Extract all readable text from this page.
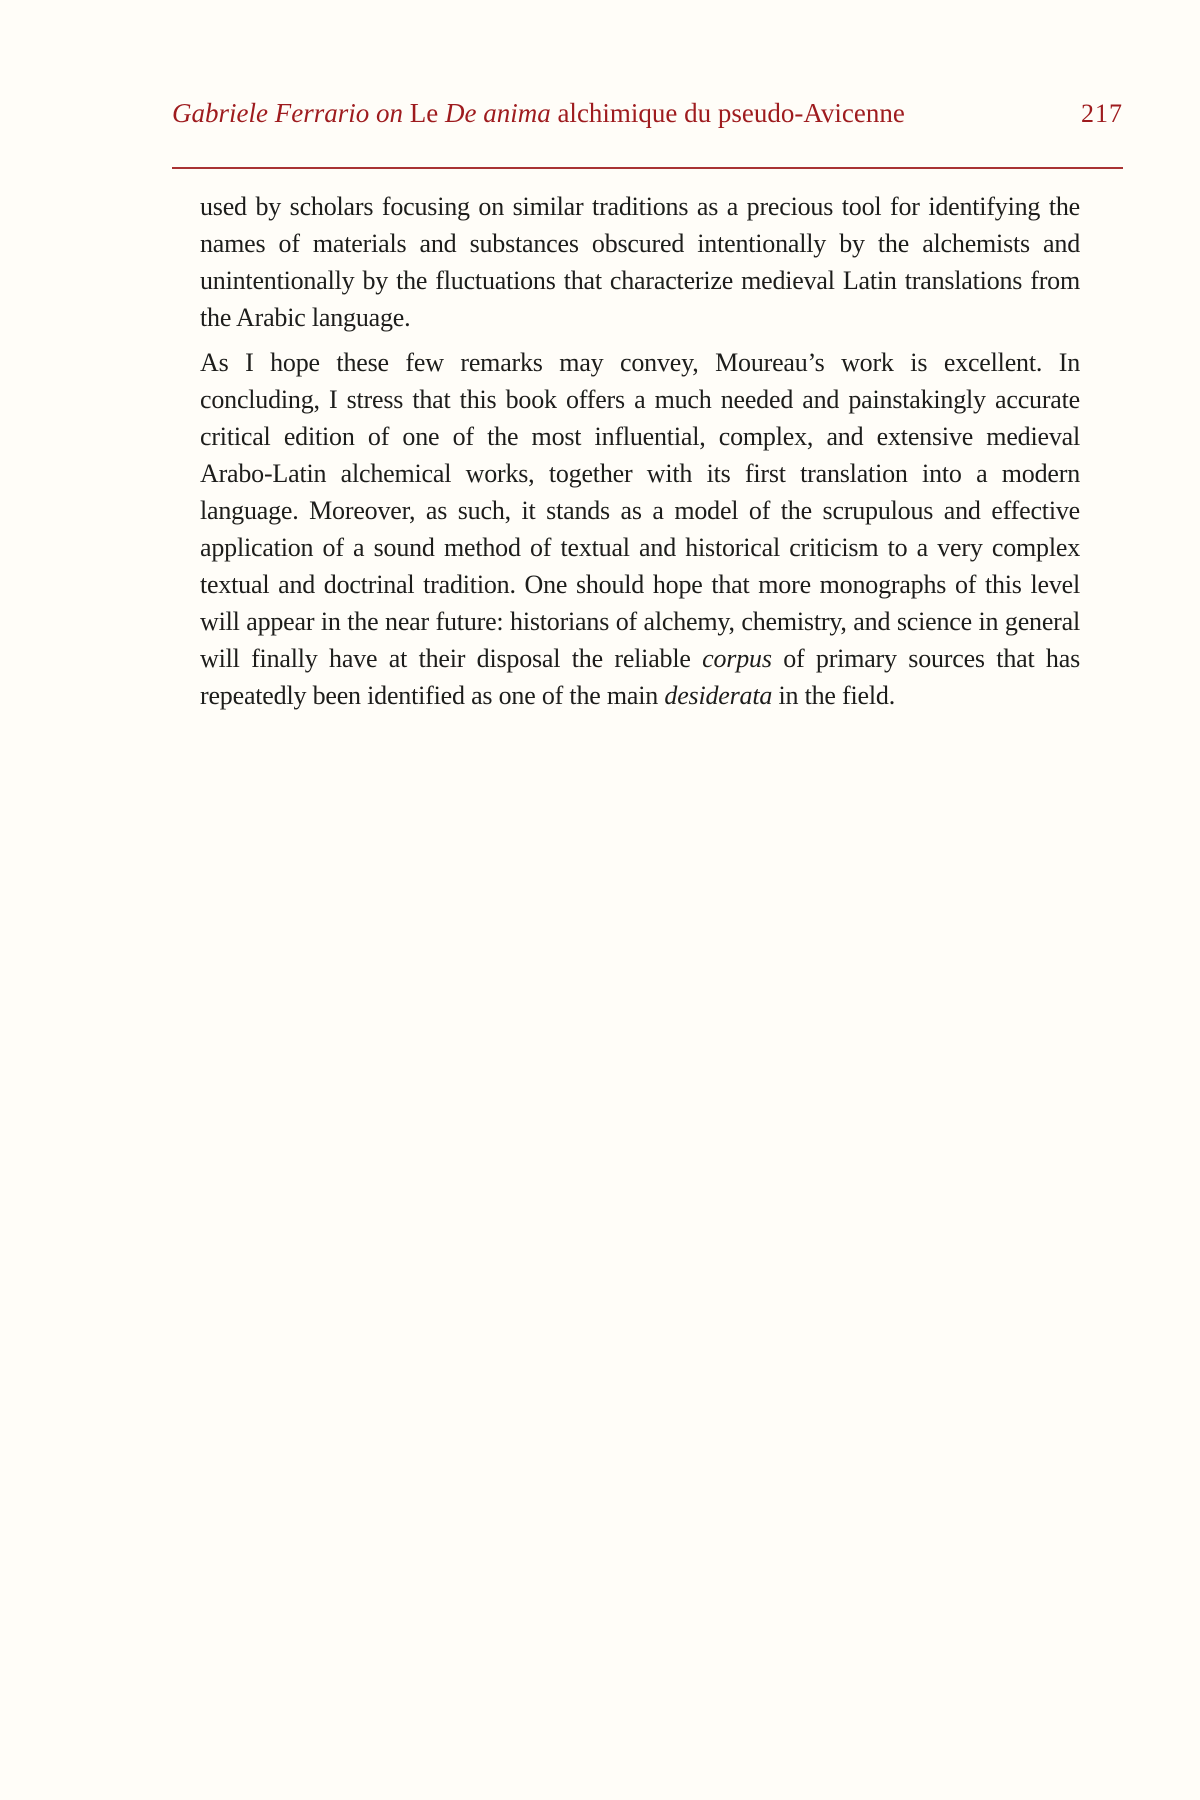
Gabriele Ferrario on Le De anima alchimique du pseudo-Avicenne	217

used by scholars focusing on similar traditions as a precious tool for identifying the names of materials and substances obscured intentionally by the alchemists and unintentionally by the fluctuations that characterize medieval Latin translations from the Arabic language.

As I hope these few remarks may convey, Moureau’s work is excellent. In concluding, I stress that this book offers a much needed and painstakingly accurate critical edition of one of the most influential, complex, and extensive medieval Arabo-Latin alchemical works, together with its first translation into a modern language. Moreover, as such, it stands as a model of the scrupulous and effective application of a sound method of textual and historical criticism to a very complex textual and doctrinal tradition. One should hope that more monographs of this level will appear in the near future: historians of alchemy, chemistry, and science in general will finally have at their disposal the reliable corpus of primary sources that has repeatedly been identified as one of the main desiderata in the field.
